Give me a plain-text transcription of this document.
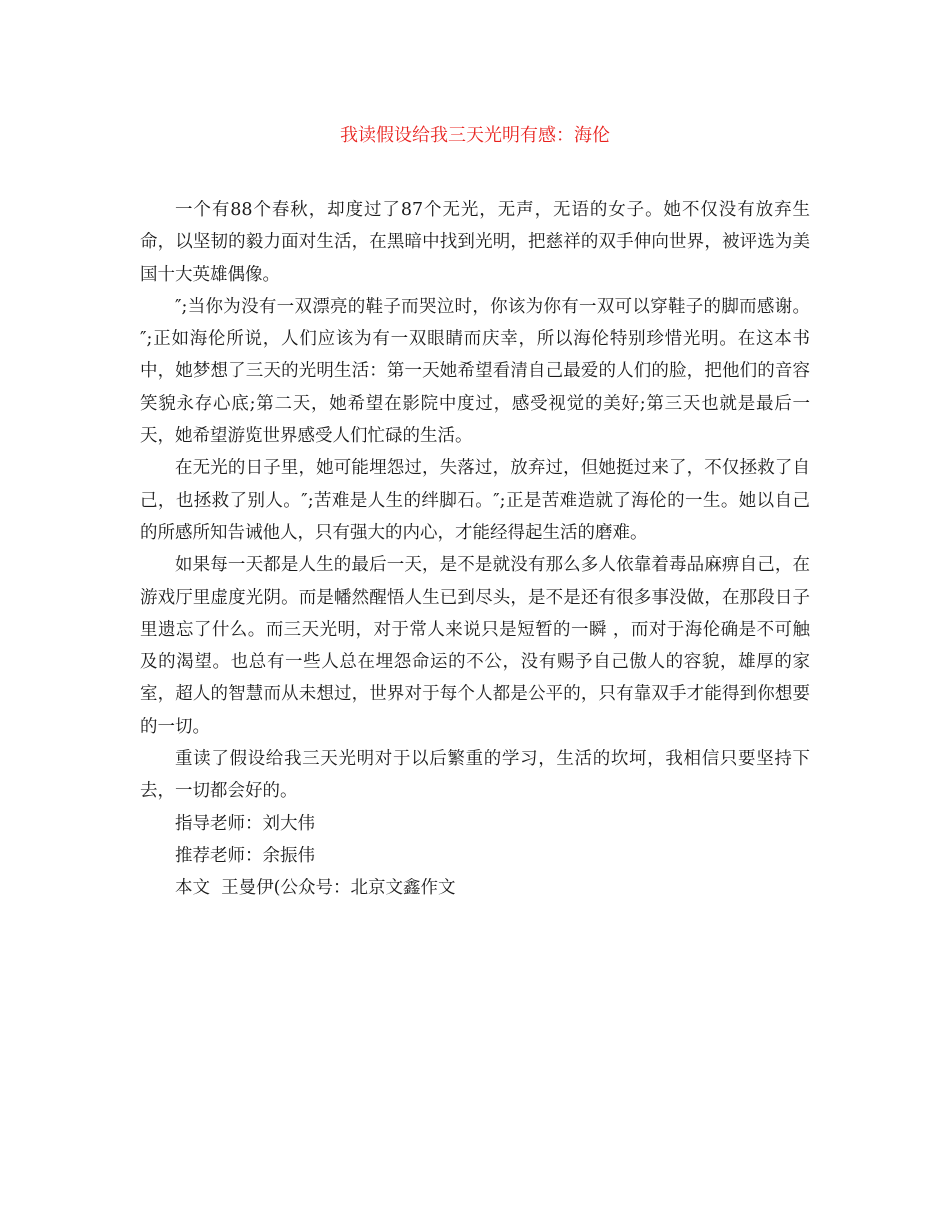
我读假设给我三天光明有感：海伦

一个有88个春秋，却度过了87个无光，无声，无语的女子。她不仅没有放弃生命，以坚韧的毅力面对生活，在黑暗中找到光明，把慈祥的双手伸向世界，被评选为美国十大英雄偶像。

″;当你为没有一双漂亮的鞋子而哭泣时，你该为你有一双可以穿鞋子的脚而感谢。″;正如海伦所说，人们应该为有一双眼睛而庆幸，所以海伦特别珍惜光明。在这本书中，她梦想了三天的光明生活：第一天她希望看清自己最爱的人们的脸，把他们的音容笑貌永存心底;第二天，她希望在影院中度过，感受视觉的美好;第三天也就是最后一天，她希望游览世界感受人们忙碌的生活。

在无光的日子里，她可能埋怨过，失落过，放弃过，但她挺过来了，不仅拯救了自己，也拯救了别人。″;苦难是人生的绊脚石。″;正是苦难造就了海伦的一生。她以自己的所感所知告诫他人，只有强大的内心，才能经得起生活的磨难。

如果每一天都是人生的最后一天，是不是就没有那么多人依靠着毒品麻痹自己，在游戏厅里虚度光阴。而是幡然醒悟人生已到尽头，是不是还有很多事没做，在那段日子里遗忘了什么。而三天光明，对于常人来说只是短暂的一瞬 ，而对于海伦确是不可触及的渴望。也总有一些人总在埋怨命运的不公，没有赐予自己傲人的容貌，雄厚的家室，超人的智慧而从未想过，世界对于每个人都是公平的，只有靠双手才能得到你想要的一切。

重读了假设给我三天光明对于以后繁重的学习，生活的坎坷，我相信只要坚持下去，一切都会好的。

指导老师：刘大伟

推荐老师：余振伟

本文  王曼伊(公众号：北京文鑫作文
